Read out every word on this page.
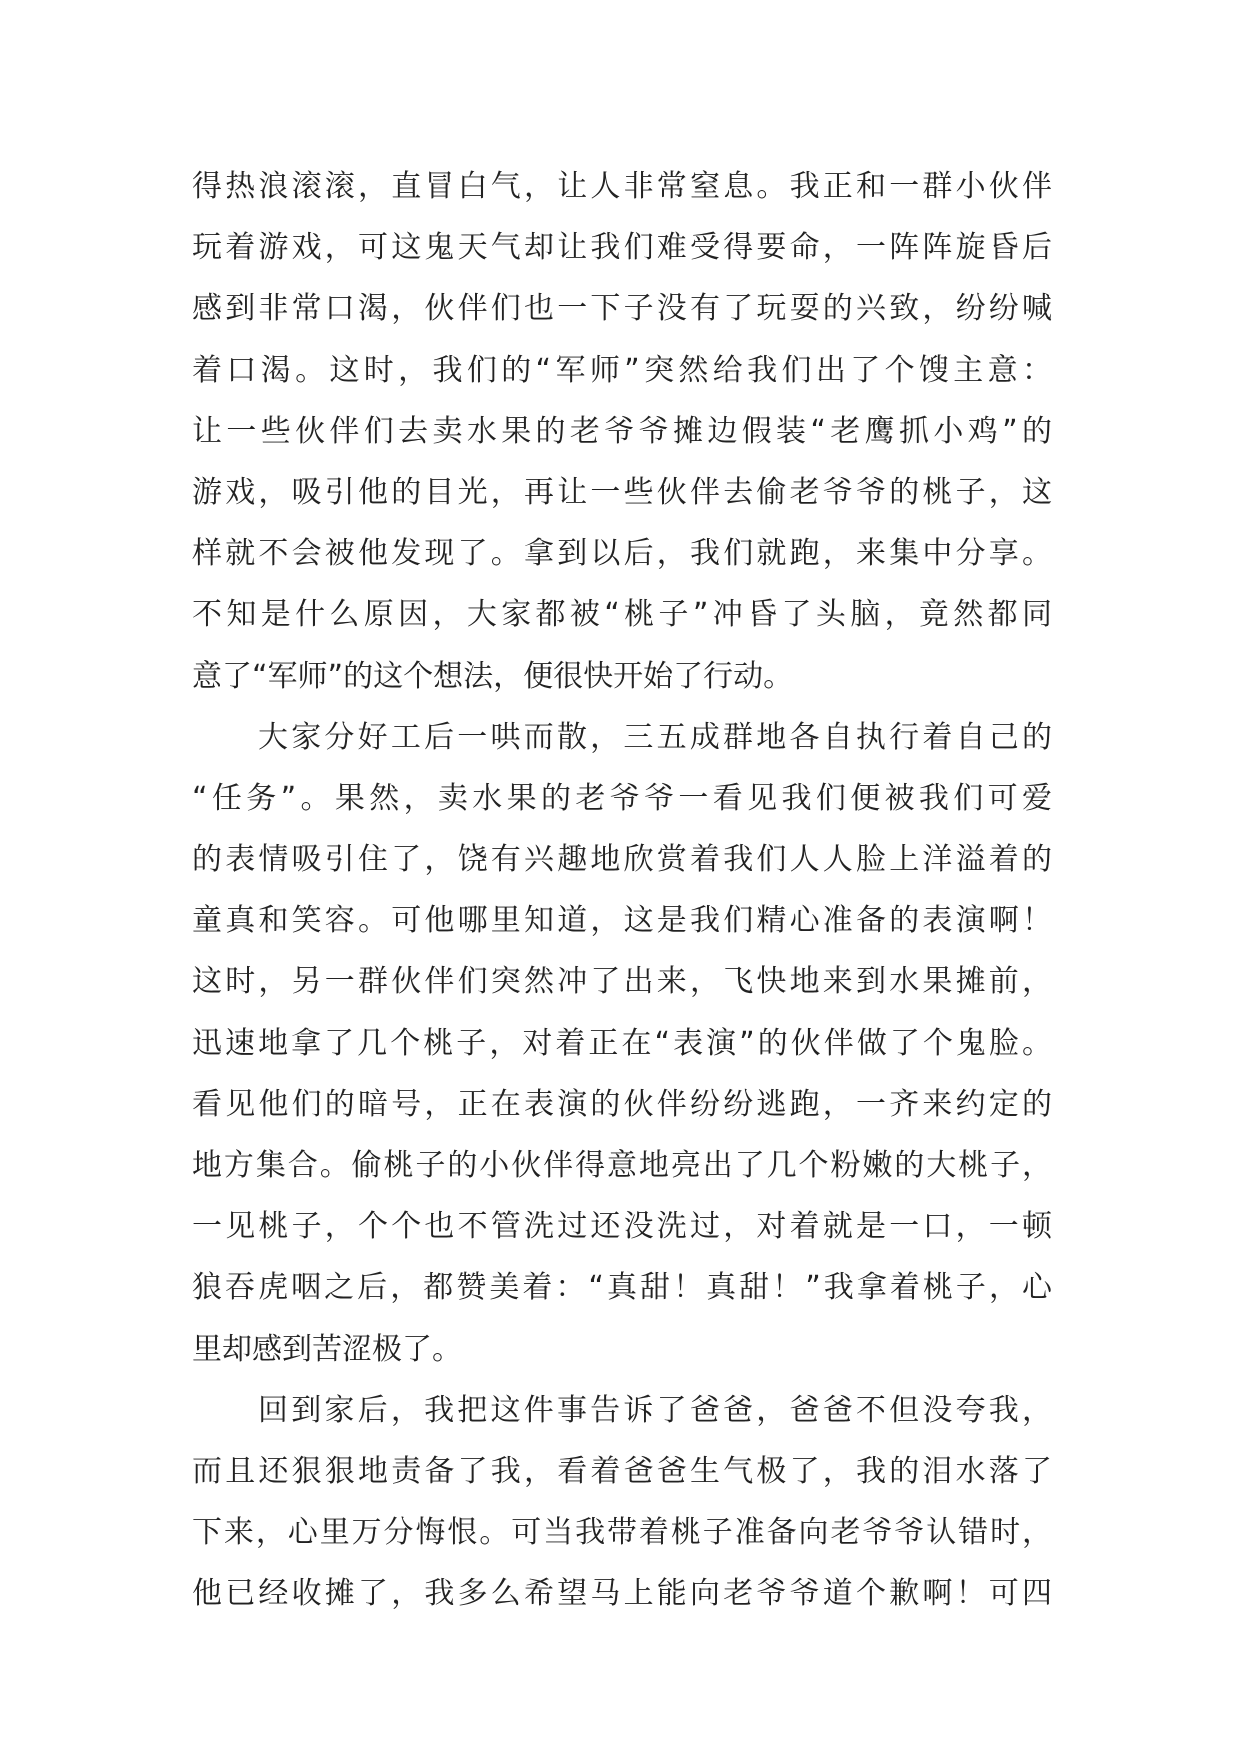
得热浪滚滚，直冒白气，让人非常窒息。我正和一群小伙伴
玩着游戏，可这鬼天气却让我们难受得要命，一阵阵旋昏后
感到非常口渴，伙伴们也一下子没有了玩耍的兴致，纷纷喊
着口渴。这时，我们的“军师”突然给我们出了个馊主意：
让一些伙伴们去卖水果的老爷爷摊边假装“老鹰抓小鸡”的
游戏，吸引他的目光，再让一些伙伴去偷老爷爷的桃子，这
样就不会被他发现了。拿到以后，我们就跑，来集中分享。
不知是什么原因，大家都被“桃子”冲昏了头脑，竟然都同
意了“军师”的这个想法，便很快开始了行动。
大家分好工后一哄而散，三五成群地各自执行着自己的
“任务”。果然，卖水果的老爷爷一看见我们便被我们可爱
的表情吸引住了，饶有兴趣地欣赏着我们人人脸上洋溢着的
童真和笑容。可他哪里知道，这是我们精心准备的表演啊！
这时，另一群伙伴们突然冲了出来，飞快地来到水果摊前，
迅速地拿了几个桃子，对着正在“表演”的伙伴做了个鬼脸。
看见他们的暗号，正在表演的伙伴纷纷逃跑，一齐来约定的
地方集合。偷桃子的小伙伴得意地亮出了几个粉嫩的大桃子，
一见桃子，个个也不管洗过还没洗过，对着就是一口，一顿
狼吞虎咽之后，都赞美着：“真甜！真甜！”我拿着桃子，心
里却感到苦涩极了。
回到家后，我把这件事告诉了爸爸，爸爸不但没夸我，
而且还狠狠地责备了我，看着爸爸生气极了，我的泪水落了
下来，心里万分悔恨。可当我带着桃子准备向老爷爷认错时，
他已经收摊了，我多么希望马上能向老爷爷道个歉啊！可四
